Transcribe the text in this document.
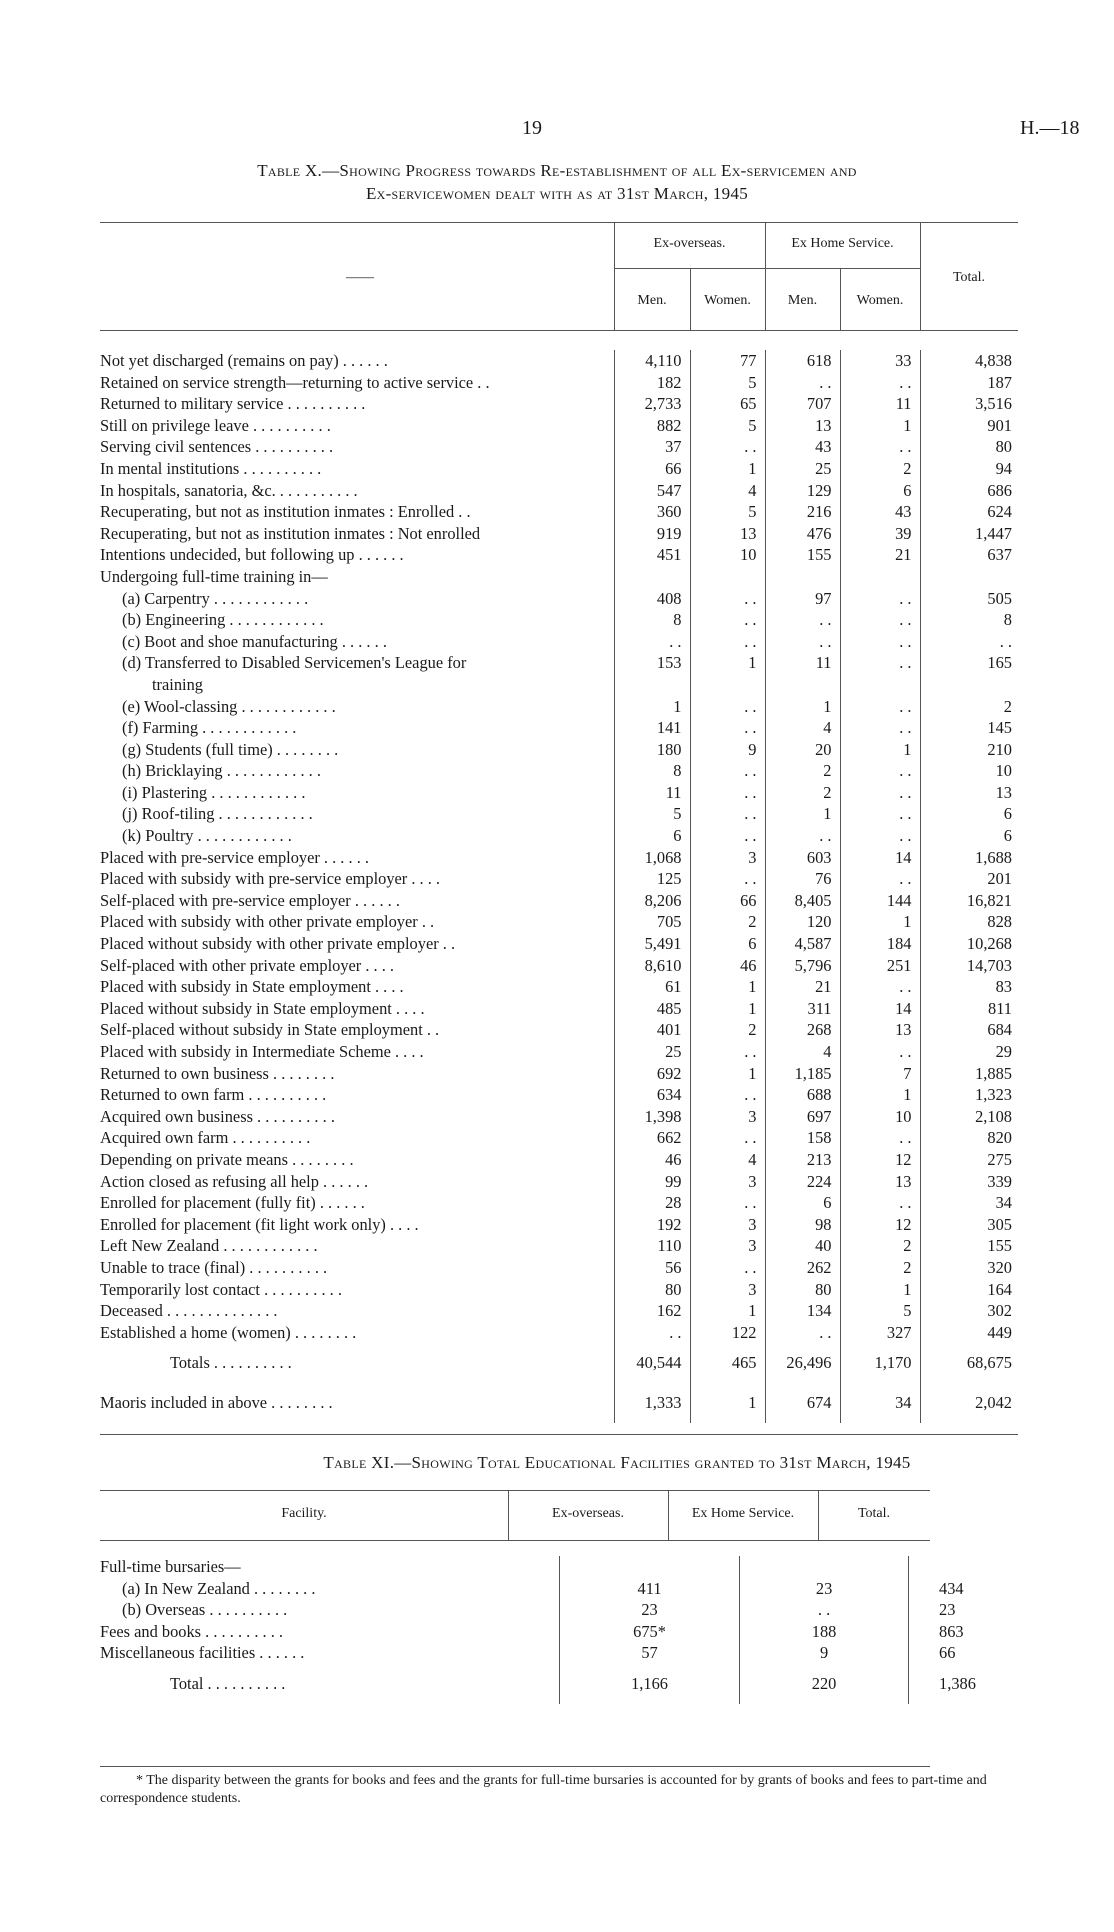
19	H.—18
Table X.—Showing Progress towards Re-establishment of all Ex-servicemen and
Ex-servicewomen dealt with as at 31st March, 1945
——
Ex-overseas.	Ex Home Service.
Total.
Men.	Women.	Men.	Women.
Not yet discharged (remains on pay) . . . . . .	4,110	77	618	33	4,838
Retained on service strength—returning to active service . .	182	5	. .	. .	187
Returned to military service . . . . . . . . . .	2,733	65	707	11	3,516
Still on privilege leave . . . . . . . . . .	882	5	13	1	901
Serving civil sentences . . . . . . . . . .	37	. .	43	. .	80
In mental institutions . . . . . . . . . .	66	1	25	2	94
In hospitals, sanatoria, &c. . . . . . . . . . .	547	4	129	6	686
Recuperating, but not as institution inmates : Enrolled . .	360	5	216	43	624
Recuperating, but not as institution inmates : Not enrolled	919	13	476	39	1,447
Intentions undecided, but following up . . . . . .	451	10	155	21	637
Undergoing full-time training in—					
(a) Carpentry . . . . . . . . . . . .	408	. .	97	. .	505
(b) Engineering . . . . . . . . . . . .	8	. .	. .	. .	8
(c) Boot and shoe manufacturing . . . . . .	. .	. .	. .	. .	. .
(d) Transferred to Disabled Servicemen's League for	153	1	11	. .	165
training					
(e) Wool-classing . . . . . . . . . . . .	1	. .	1	. .	2
(f) Farming . . . . . . . . . . . .	141	. .	4	. .	145
(g) Students (full time) . . . . . . . .	180	9	20	1	210
(h) Bricklaying . . . . . . . . . . . .	8	. .	2	. .	10
(i) Plastering . . . . . . . . . . . .	11	. .	2	. .	13
(j) Roof-tiling . . . . . . . . . . . .	5	. .	1	. .	6
(k) Poultry . . . . . . . . . . . .	6	. .	. .	. .	6
Placed with pre-service employer . . . . . .	1,068	3	603	14	1,688
Placed with subsidy with pre-service employer . . . .	125	. .	76	. .	201
Self-placed with pre-service employer . . . . . .	8,206	66	8,405	144	16,821
Placed with subsidy with other private employer . .	705	2	120	1	828
Placed without subsidy with other private employer . .	5,491	6	4,587	184	10,268
Self-placed with other private employer . . . .	8,610	46	5,796	251	14,703
Placed with subsidy in State employment . . . .	61	1	21	. .	83
Placed without subsidy in State employment . . . .	485	1	311	14	811
Self-placed without subsidy in State employment . .	401	2	268	13	684
Placed with subsidy in Intermediate Scheme . . . .	25	. .	4	. .	29
Returned to own business . . . . . . . .	692	1	1,185	7	1,885
Returned to own farm . . . . . . . . . .	634	. .	688	1	1,323
Acquired own business . . . . . . . . . .	1,398	3	697	10	2,108
Acquired own farm . . . . . . . . . .	662	. .	158	. .	820
Depending on private means . . . . . . . .	46	4	213	12	275
Action closed as refusing all help . . . . . .	99	3	224	13	339
Enrolled for placement (fully fit) . . . . . .	28	. .	6	. .	34
Enrolled for placement (fit light work only) . . . .	192	3	98	12	305
Left New Zealand . . . . . . . . . . . .	110	3	40	2	155
Unable to trace (final) . . . . . . . . . .	56	. .	262	2	320
Temporarily lost contact . . . . . . . . . .	80	3	80	1	164
Deceased . . . . . . . . . . . . . .	162	1	134	5	302
Established a home (women) . . . . . . . .	. .	122	. .	327	449
Totals . . . . . . . . . .	40,544	465	26,496	1,170	68,675
Maoris included in above . . . . . . . .	1,333	1	674	34	2,042
Table XI.—Showing Total Educational Facilities granted to 31st March, 1945
Facility.	Ex-overseas.	Ex Home Service.	Total.
Full-time bursaries—			
(a) In New Zealand . . . . . . . .	411	23	434
(b) Overseas . . . . . . . . . .	23	. .	23
Fees and books . . . . . . . . . .	675*	188	863
Miscellaneous facilities . . . . . .	57	9	66
Total . . . . . . . . . .	1,166	220	1,386
* The disparity between the grants for books and fees and the grants for full-time bursaries is accounted for by grants of books and fees to part-time and correspondence students.
